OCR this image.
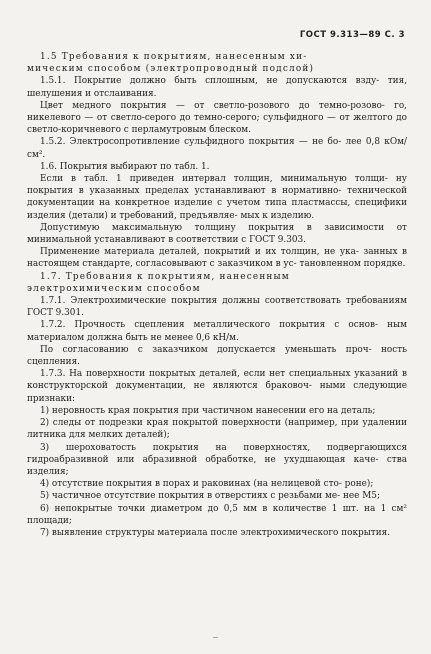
ГОСТ 9.313—89 С. 3

1.5 Требования к покрытиям, нанесенным хи-
мическим способом (электропроводный подслой)

1.5.1. Покрытие должно быть сплошным, не допускаются взду- тия, шелушения и отслаивания.

Цвет медного покрытия — от светло-розового до темно-розово- го, никелевого — от светло-серого до темно-серого; сульфидного — от желтого до светло-коричневого с перламутровым блеском.

1.5.2. Электросопротивление сульфидного покрытия — не бо- лее 0,8 кОм/см².

1.6. Покрытия выбирают по табл. 1.

Если в табл. 1 приведен интервал толщин, минимальную толщи- ну покрытия в указанных пределах устанавливают в нормативно- технической документации на конкретное изделие с учетом типа пластмассы, специфики изделия (детали) и требований, предъявляе- мых к изделию.

Допустимую максимальную толщину покрытия в зависимости от минимальной устанавливают в соответствии с ГОСТ 9.303.

Применение материала деталей, покрытий и их толщин, не ука- занных в настоящем стандарте, согласовывают с заказчиком в ус- тановленном порядке.

1.7. Требования к покрытиям, нанесенным
электрохимическим способом

1.7.1. Электрохимические покрытия должны соответствовать требованиям ГОСТ 9.301.

1.7.2. Прочность сцепления металлического покрытия с основ- ным материалом должна быть не менее 0,6 кН/м.

По согласованию с заказчиком допускается уменьшать проч- ность сцепления.

1.7.3. На поверхности покрытых деталей, если нет специальных указаний в конструкторской документации, не являются браковоч- ными следующие признаки:

1) неровность края покрытия при частичном нанесении его на деталь;

2) следы от подрезки края покрытой поверхности (например, при удалении литника для мелких деталей);

3) шероховатость покрытия на поверхностях, подвергающихся гидроабразивной или абразивной обработке, не ухудшающая каче- ства изделия;

4) отсутствие покрытия в порах и раковинах (на нелицевой сто- роне);

5) частичное отсутствие покрытия в отверстиях с резьбами ме- нее М5;

6) непокрытые точки диаметром до 0,5 мм в количестве 1 шт. на 1 см² площади;

7) выявление структуры материала после электрохимического покрытия.
